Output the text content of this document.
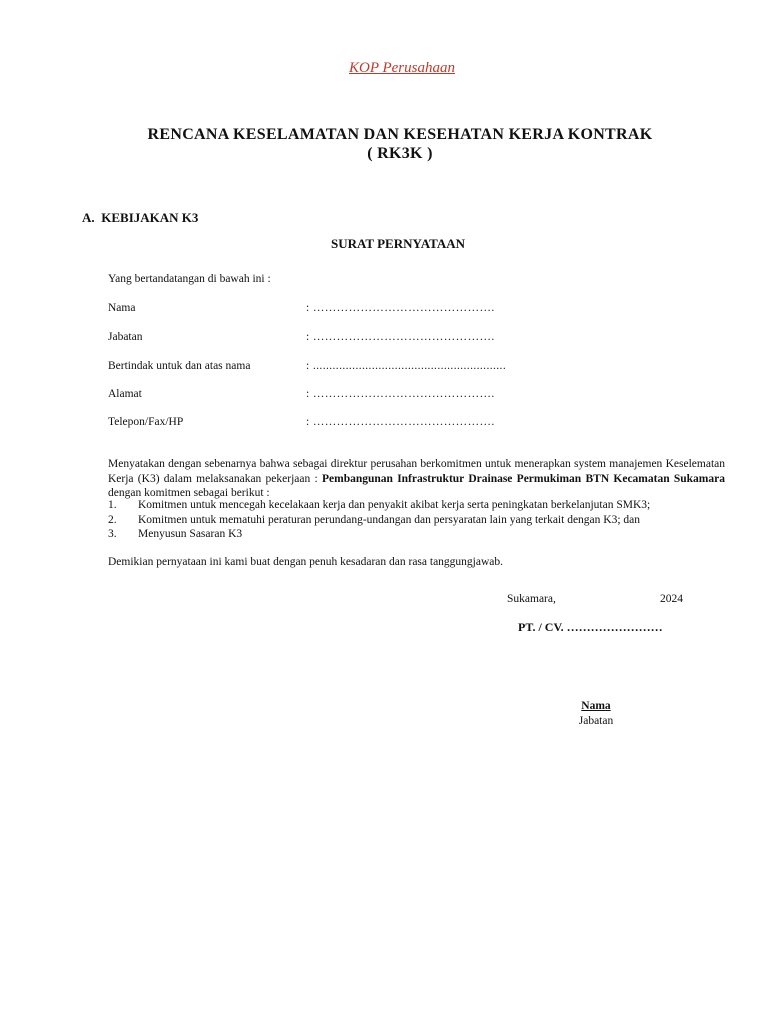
KOP Perusahaan
RENCANA KESELAMATAN DAN KESEHATAN KERJA KONTRAK
( RK3K )
A. KEBIJAKAN K3
SURAT PERNYATAAN
Yang bertandatangan di bawah ini :
Nama	: ……………………………………….
Jabatan	: ……………………………………….
Bertindak untuk dan atas nama	: ...........................................................
Alamat	: ……………………………………….
Telepon/Fax/HP	: ……………………………………….
Menyatakan dengan sebenarnya bahwa sebagai direktur perusahan berkomitmen untuk menerapkan system manajemen Keselematan Kerja (K3) dalam melaksanakan pekerjaan : Pembangunan Infrastruktur Drainase Permukiman BTN Kecamatan Sukamara dengan komitmen sebagai berikut :
1. Komitmen untuk mencegah kecelakaan kerja dan penyakit akibat kerja serta peningkatan berkelanjutan SMK3;
2. Komitmen untuk mematuhi peraturan perundang-undangan dan persyaratan lain yang terkait dengan K3; dan
3. Menyusun Sasaran K3
Demikian pernyataan ini kami buat dengan penuh kesadaran dan rasa tanggungjawab.
Sukamara,	2024
PT. / CV. ……………………
Nama
Jabatan
